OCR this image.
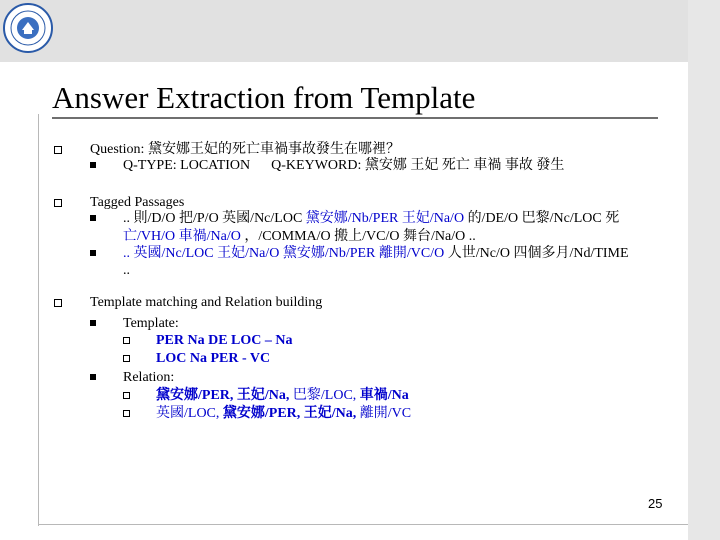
Answer Extraction from Template
Question: 黛安娜王妃的死亡車禍事故發生在哪裡？
Q-TYPE: LOCATION Q-KEYWORD: 黛安娜 王妃 死亡 車禍 事故 發生
Tagged Passages
.. 則/D/O 把/P/O 英國/Nc/LOC 黛安娜/Nb/PER 王妃/Na/O 的/DE/O 巴黎/Nc/LOC 死
亡/VH/O 車禍/Na/O ，/COMMA/O 搬上/VC/O 舞台/Na/O ..
.. 英國/Nc/LOC 王妃/Na/O 黛安娜/Nb/PER 離開/VC/O 人世/Nc/O 四個多月/Nd/TIME
..
Template matching and Relation building
Template:
PER Na DE LOC – Na
LOC Na PER - VC
Relation:
黛安娜/PER, 王妃/Na, 巴黎/LOC, 車禍/Na
英國/LOC, 黛安娜/PER, 王妃/Na, 離開/VC
25
